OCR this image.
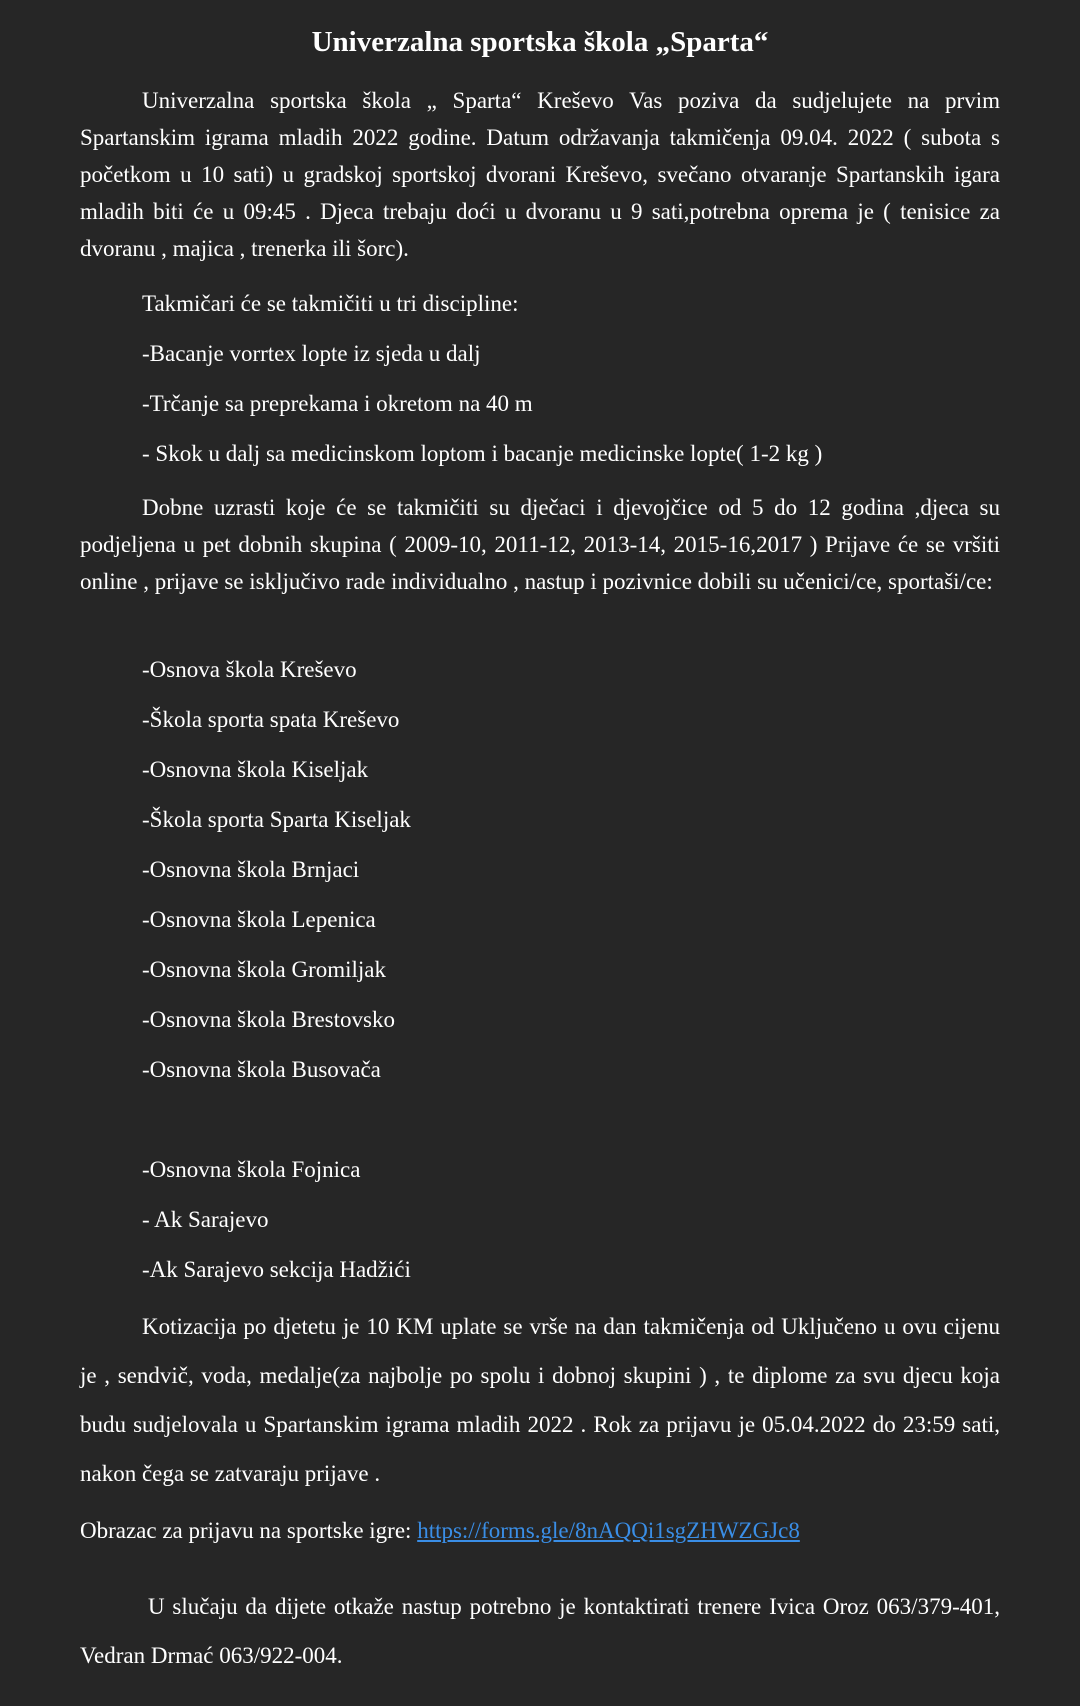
Univerzalna sportska škola „Sparta“

Univerzalna sportska škola „ Sparta“ Kreševo Vas poziva da sudjelujete na prvim Spartanskim igrama mladih 2022 godine. Datum održavanja takmičenja 09.04. 2022 ( subota s početkom u 10 sati) u gradskoj sportskoj dvorani Kreševo, svečano otvaranje Spartanskih igara mladih biti će u 09:45 . Djeca trebaju doći u dvoranu u 9 sati,potrebna oprema je ( tenisice za dvoranu , majica , trenerka ili šorc).

Takmičari će se takmičiti u tri discipline:

-Bacanje vorrtex lopte iz sjeda u dalj

-Trčanje sa preprekama i okretom na 40 m

- Skok u dalj sa medicinskom loptom i bacanje medicinske lopte( 1-2 kg )

Dobne uzrasti koje će se takmičiti su dječaci i djevojčice od 5 do 12 godina ,djeca su podjeljena u pet dobnih skupina ( 2009-10, 2011-12, 2013-14, 2015-16,2017 ) Prijave će se vršiti online , prijave se isključivo rade individualno , nastup i pozivnice dobili su učenici/ce, sportaši/ce:

-Osnova škola Kreševo

-Škola sporta spata Kreševo

-Osnovna škola Kiseljak

-Škola sporta Sparta Kiseljak

-Osnovna škola Brnjaci

-Osnovna škola Lepenica

-Osnovna škola Gromiljak

-Osnovna škola Brestovsko

-Osnovna škola Busovača

-Osnovna škola Fojnica

- Ak Sarajevo

-Ak Sarajevo sekcija Hadžići

Kotizacija po djetetu je 10 KM uplate se vrše na dan takmičenja od Uključeno u ovu cijenu je , sendvič, voda, medalje(za najbolje po spolu i dobnoj skupini ) , te diplome za svu djecu koja budu sudjelovala u Spartanskim igrama mladih 2022 . Rok za prijavu je 05.04.2022 do 23:59 sati, nakon čega se zatvaraju prijave .

Obrazac za prijavu na sportske igre: https://forms.gle/8nAQQi1sgZHWZGJc8

U slučaju da dijete otkaže nastup potrebno je kontaktirati trenere Ivica Oroz 063/379-401, Vedran Drmać 063/922-004.
